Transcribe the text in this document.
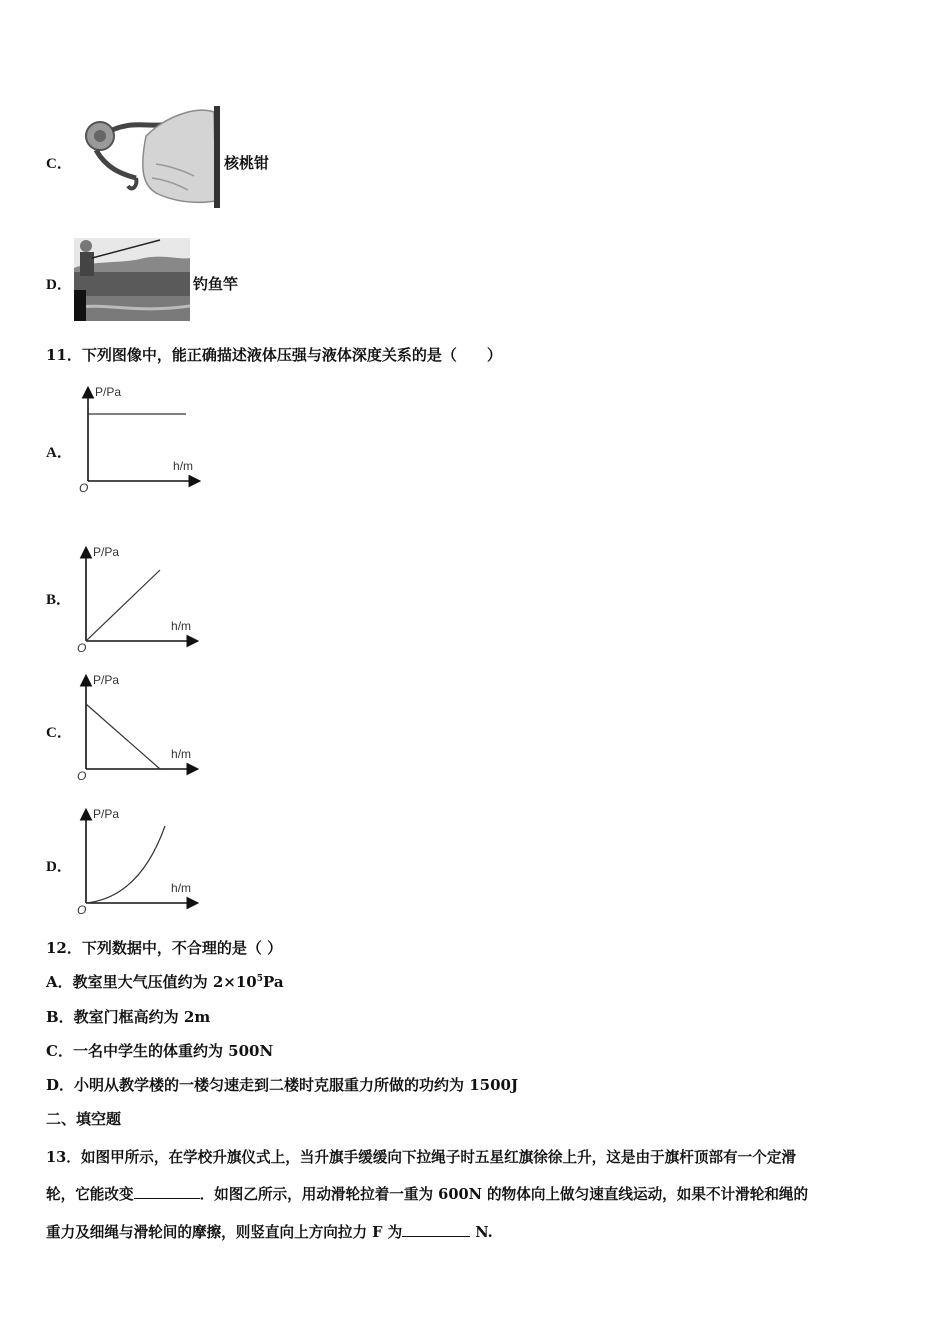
C．	核桃钳
D．	钓鱼竿
11．下列图像中，能正确描述液体压强与液体深度关系的是（　　）
A．
P/Pa
h/m
O
B．
P/Pa
h/m
O
C．
P/Pa
h/m
O
D．
P/Pa
h/m
O
12．下列数据中，不合理的是（ ）
A．教室里大气压值约为 $2\times 10^5Pa$
B．教室门框高约为 2m
C．一名中学生的体重约为 500N
D．小明从教学楼的一楼匀速走到二楼时克服重力所做的功约为 1500J
二、填空题
13．如图甲所示，在学校升旗仪式上，当升旗手缓缓向下拉绳子时五星红旗徐徐上升，这是由于旗杆顶部有一个定滑
轮，它能改变	．如图乙所示，用动滑轮拉着一重为 600N 的物体向上做匀速直线运动，如果不计滑轮和绳的
重力及细绳与滑轮间的摩擦，则竖直向上方向拉力 F 为	N.
